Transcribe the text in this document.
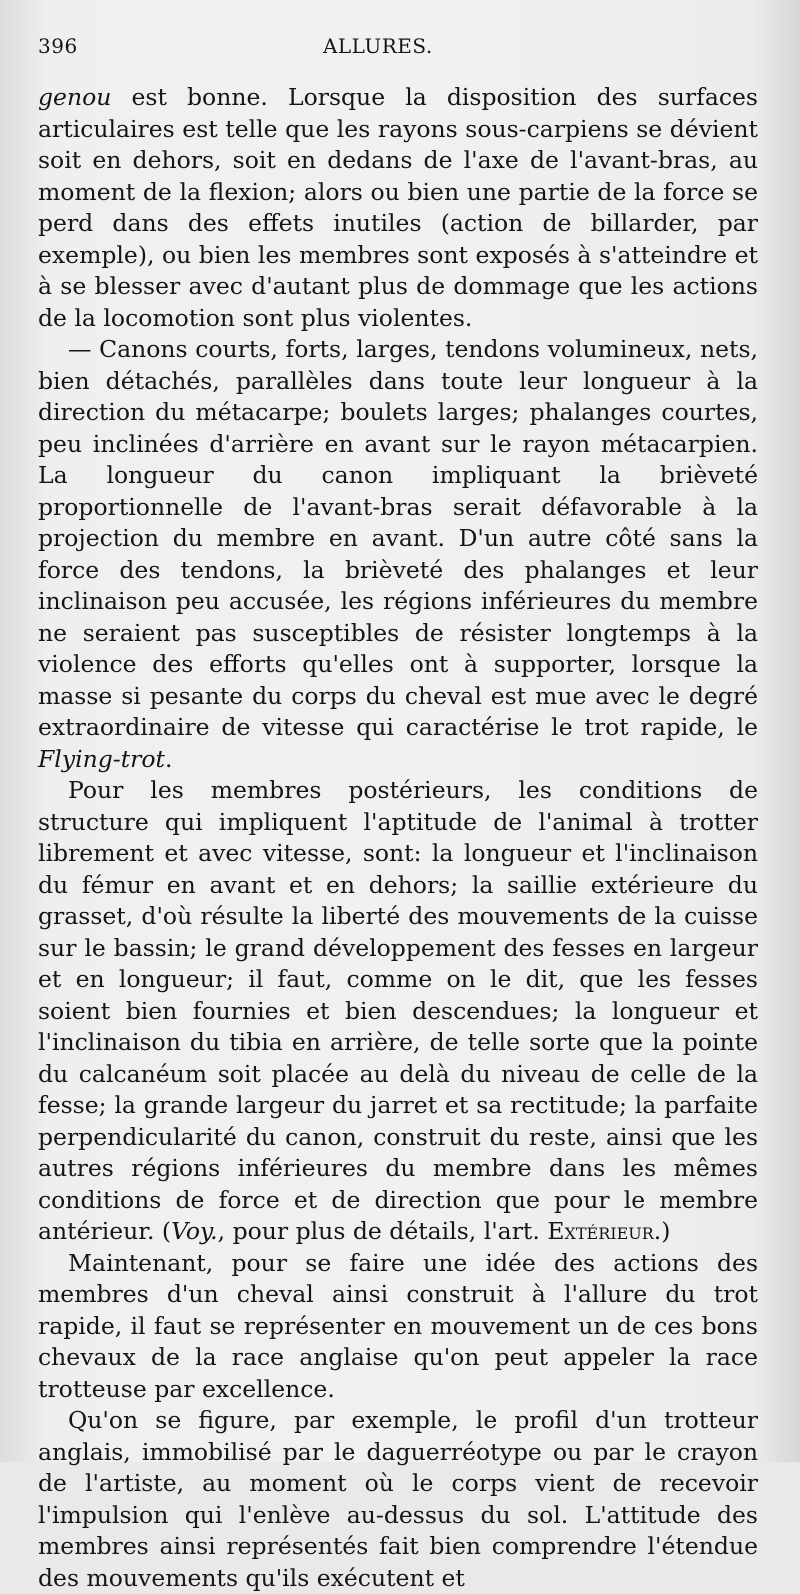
396	ALLURES.

genou est bonne. Lorsque la disposition des surfaces articulaires est telle que les rayons sous-carpiens se dévient soit en dehors, soit en dedans de l'axe de l'avant-bras, au moment de la flexion; alors ou bien une partie de la force se perd dans des effets inutiles (action de billarder, par exemple), ou bien les membres sont exposés à s'atteindre et à se blesser avec d'autant plus de dommage que les actions de la locomotion sont plus violentes.

— Canons courts, forts, larges, tendons volumineux, nets, bien détachés, parallèles dans toute leur longueur à la direction du métacarpe; boulets larges; phalanges courtes, peu inclinées d'arrière en avant sur le rayon métacarpien. La longueur du canon impliquant la brièveté proportionnelle de l'avant-bras serait défavorable à la projection du membre en avant. D'un autre côté sans la force des tendons, la brièveté des phalanges et leur inclinaison peu accusée, les régions inférieures du membre ne seraient pas susceptibles de résister longtemps à la violence des efforts qu'elles ont à supporter, lorsque la masse si pesante du corps du cheval est mue avec le degré extraordinaire de vitesse qui caractérise le trot rapide, le Flying-trot.

Pour les membres postérieurs, les conditions de structure qui impliquent l'aptitude de l'animal à trotter librement et avec vitesse, sont: la longueur et l'inclinaison du fémur en avant et en dehors; la saillie extérieure du grasset, d'où résulte la liberté des mouvements de la cuisse sur le bassin; le grand développement des fesses en largeur et en longueur; il faut, comme on le dit, que les fesses soient bien fournies et bien descendues; la longueur et l'inclinaison du tibia en arrière, de telle sorte que la pointe du calcanéum soit placée au delà du niveau de celle de la fesse; la grande largeur du jarret et sa rectitude; la parfaite perpendicularité du canon, construit du reste, ainsi que les autres régions inférieures du membre dans les mêmes conditions de force et de direction que pour le membre antérieur. (Voy., pour plus de détails, l'art. Extérieur.)

Maintenant, pour se faire une idée des actions des membres d'un cheval ainsi construit à l'allure du trot rapide, il faut se représenter en mouvement un de ces bons chevaux de la race anglaise qu'on peut appeler la race trotteuse par excellence.

Qu'on se figure, par exemple, le profil d'un trotteur anglais, immobilisé par le daguerréotype ou par le crayon de l'artiste, au moment où le corps vient de recevoir l'impulsion qui l'enlève au-dessus du sol. L'attitude des membres ainsi représentés fait bien comprendre l'étendue des mouvements qu'ils exécutent et
